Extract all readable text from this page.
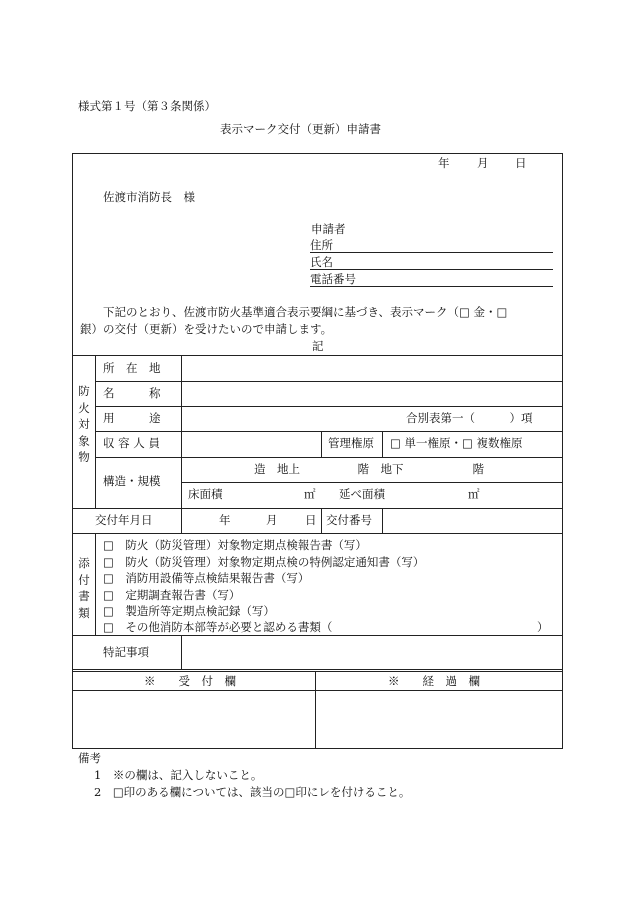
様式第１号（第３条関係）
表示マーク交付（更新）申請書
年 月 日
佐渡市消防長　様
申請者
住所
氏名
電話番号
下記のとおり、佐渡市防火基準適合表示要綱に基づき、表示マーク（□ 金・□
銀）の交付（更新）を受けたいので申請します。
記
防火対象物
所　在　地
名　　　称
用　　　途	合別表第一（　　　）項
収 容 人 員	管理権原 □ 単一権原・□ 複数権原
構造・規模
造　地上　　　　　階　地下　　　　　　階
床面積	㎡ 延べ面積	㎡
交付年月日	年	月 日 交付番号
添付書類
□　防火（防災管理）対象物定期点検報告書（写）
□　防火（防災管理）対象物定期点検の特例認定通知書（写）
□　消防用設備等点検結果報告書（写）
□　定期調査報告書（写）
□　製造所等定期点検記録（写）
□　その他消防本部等が必要と認める書類（	）
特記事項
※　　受　付　欄	※　　経　過　欄
備考
1　※の欄は、記入しないこと。
2　□印のある欄については、該当の□印にレを付けること。
